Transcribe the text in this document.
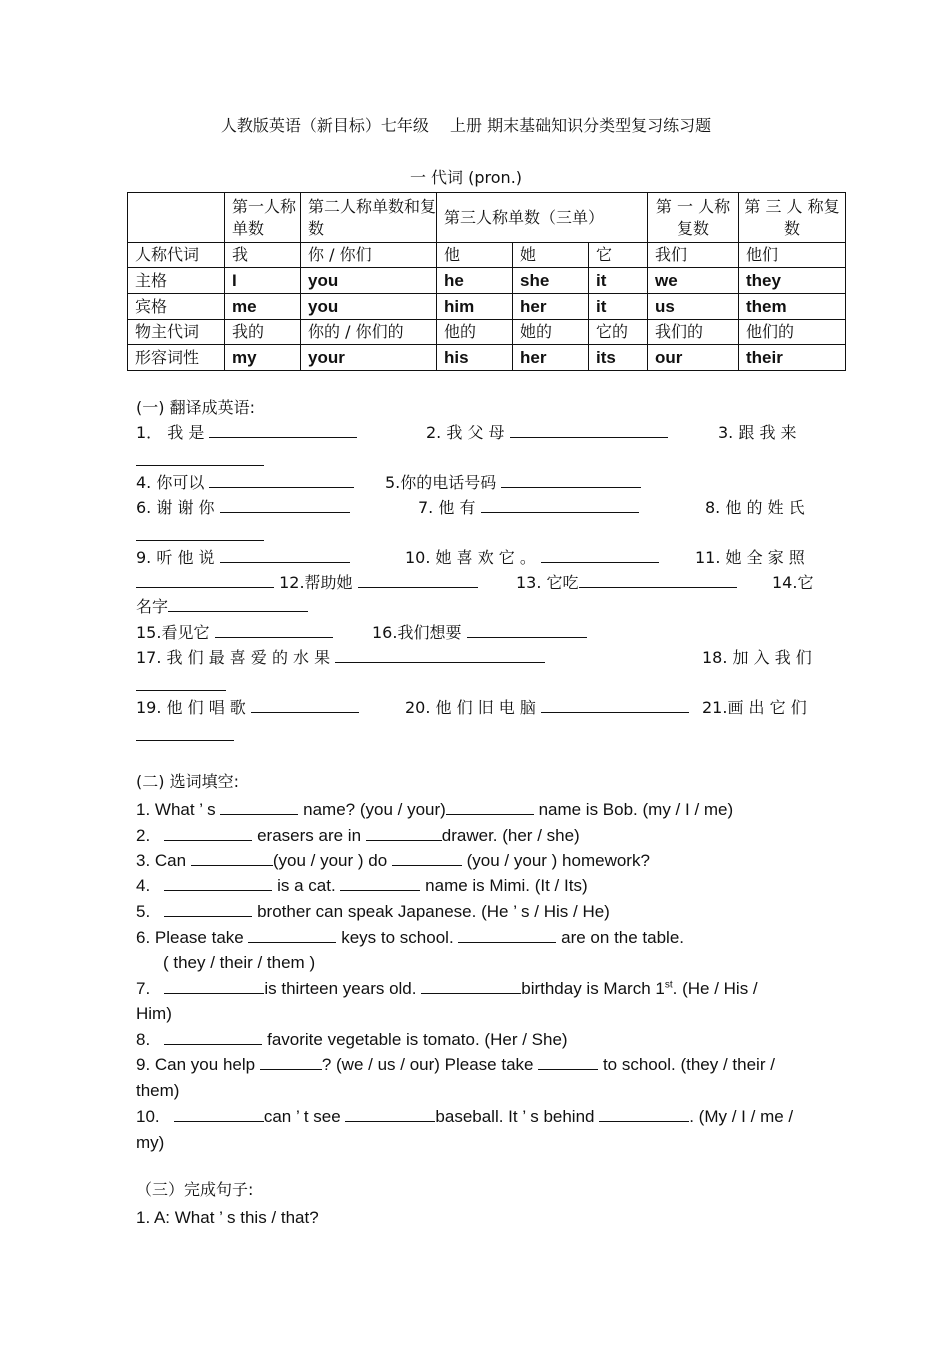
人教版英语（新目标）七年级　 上册 期末基础知识分类型复习练习题
一 代词 (pron.)
	第一人称单数	第二人称单数和复数	第三人称单数（三单）			第 一 人称复数	第 三 人 称复数
人称代词	我	你 / 你们	他	她	它	我们	他们
主格	I	you	he	she	it	we	they
宾格	me	you	him	her	it	us	them
物主代词	我的	你的 / 你们的	他的	她的	它的	我们的	他们的
形容词性	my	your	his	her	its	our	their
(一) 翻译成英语:
1． 我 是	2. 我 父 母	3. 跟 我 来
4. 你可以	5.你的电话号码
6. 谢 谢 你	7. 他 有	8. 他 的 姓 氏
9. 听 他 说	10. 她 喜 欢 它 。	11. 她 全 家 照
12.帮助她	13. 它吃	14.它
名字
15.看见它	16.我们想要
17. 我 们 最 喜 爱 的 水 果	18. 加 入 我 们
19. 他 们 唱 歌	20. 他 们 旧 电 脑	21.画 出 它 们
(二) 选词填空:
1. What ’ s	name? (you / your)	name is Bob. (my / I / me)
2.	erasers are in	drawer. (her / she)
3. Can	(you / your ) do	(you / your ) homework?
4.	is a cat.	name is Mimi. (It / Its)
5.	brother can speak Japanese. (He ’ s / His / He)
6. Please take	keys to school.	are on the table.
( they / their / them )
7.	is thirteen years old.	birthday is March 1st. (He / His /
Him)
8.	favorite vegetable is tomato. (Her / She)
9. Can you help	? (we / us / our) Please take	to school. (they / their /
them)
10.	can ’ t see	baseball. It ’ s behind	. (My / I / me /
my)
（三）完成句子:
1. A: What ’ s this / that?
